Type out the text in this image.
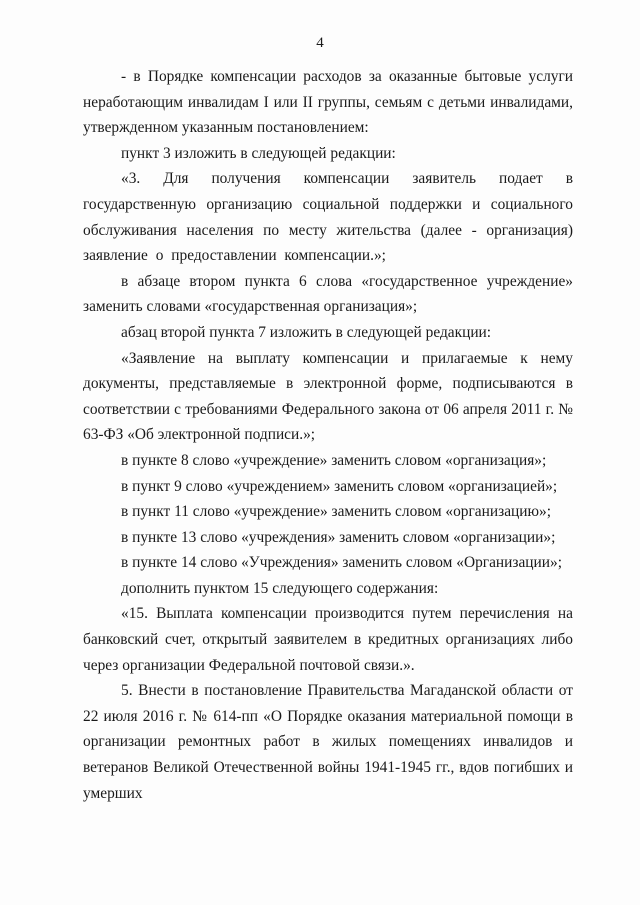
4

- в Порядке компенсации расходов за оказанные бытовые услуги неработающим инвалидам I или II группы, семьям с детьми инвалидами, утвержденном указанным постановлением:

пункт 3 изложить в следующей редакции:

«3. Для получения компенсации заявитель подает в государственную организацию социальной поддержки и социального обслуживания населения по месту жительства (далее - организация) заявление о предоставлении компенсации.»;

в абзаце втором пункта 6 слова «государственное учреждение» заменить словами «государственная организация»;

абзац второй пункта 7 изложить в следующей редакции:

«Заявление на выплату компенсации и прилагаемые к нему документы, представляемые в электронной форме, подписываются в соответствии с требованиями Федерального закона от 06 апреля 2011 г. № 63-ФЗ «Об электронной подписи.»;

в пункте 8 слово «учреждение» заменить словом «организация»;

в пункт 9 слово «учреждением» заменить словом «организацией»;

в пункт 11 слово «учреждение» заменить словом «организацию»;

в пункте 13 слово «учреждения» заменить словом «организации»;

в пункте 14 слово «Учреждения» заменить словом «Организации»;

дополнить пунктом 15 следующего содержания:

«15. Выплата компенсации производится путем перечисления на банковский счет, открытый заявителем в кредитных организациях либо через организации Федеральной почтовой связи.».

5. Внести в постановление Правительства Магаданской области от 22 июля 2016 г. № 614-пп «О Порядке оказания материальной помощи в организации ремонтных работ в жилых помещениях инвалидов и ветеранов Великой Отечественной войны 1941-1945 гг., вдов погибших и умерших
